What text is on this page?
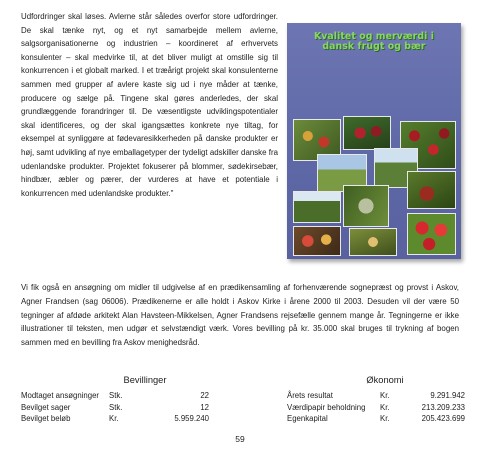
Udfordringer skal løses. Avlerne står således overfor store udfordringer. De skal tænke nyt, og et nyt samarbejde mellem avlerne, salgsorganisationerne og industrien – koordineret af erhvervets konsulenter – skal medvirke til, at det bliver muligt at omstille sig til konkurrencen i et globalt marked. I et træårigt projekt skal konsulenterne sammen med grupper af avlere kaste sig ud i nye måder at tænke, producere og sælge på. Tingene skal gøres anderledes, der skal grundlæggende forandringer til. De væsentligste udviklingspotentialer skal identificeres, og der skal igangsættes konkrete nye tiltag, for eksempel at synliggøre at fødevaresikkerheden på danske produkter er høj, samt udvikling af nye emballagetyper der tydeligt adskiller danske fra udenlandske produkter. Projektet fokuserer på blommer, sødekirsebær, hindbær, æbler og pærer, der vurderes at have et potentiale i konkurrencen med udenlandske produkter."

Kvalitet og merværdi i
dansk frugt og bær

Vi fik også en ansøgning om midler til udgivelse af en prædikensamling af forhenværende sognepræst og provst i Askov, Agner Frandsen (sag 06006). Prædikenerne er alle holdt i Askov Kirke i årene 2000 til 2003. Desuden vil der være 50 tegninger af afdøde arkitekt Alan Havsteen-Mikkelsen, Agner Frandsens rejsefælle gennem mange år. Tegningerne er ikke illustrationer til teksten, men udgør et selvstændigt værk. Vores bevilling på kr. 35.000 skal bruges til trykning af bogen sammen med en bevilling fra Askov menighedsråd.

Bevillinger
Modtaget ansøgninger	Stk.	22
Bevilget sager	Stk.	12
Bevilget beløb	Kr.	5.959.240
Økonomi
Årets resultat	Kr.	9.291.942
Værdipapir beholdning	Kr.	213.209.233
Egenkapital	Kr.	205.423.699
59
